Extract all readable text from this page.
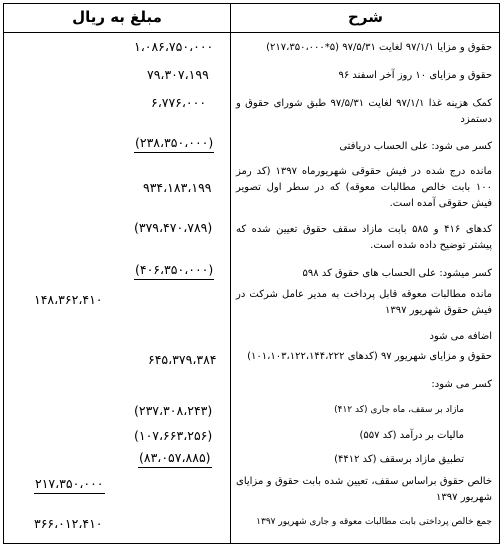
شرح
مبلغ به ریال
حقوق و مزایا ۹۷/۱/۱ لغایت ۹۷/۵/۳۱ (۵*۲۱۷،۳۵۰،۰۰۰)
حقوق و مزایای ۱۰ روز آخر اسفند ۹۶
کمک هزینه غذا ۹۷/۱/۱ لغایت ۹۷/۵/۳۱ طبق شورای حقوق و دستمزد
کسر می شود: علی الحساب دریافتی
مانده درج شده در فیش حقوقی شهریورماه ۱۳۹۷ (کد رمز ۱۰۰ بابت خالص مطالبات معوقه) که در سطر اول تصویر فیش حقوقی آمده است.
کدهای ۴۱۶ و ۵۸۵ بابت مازاد سقف حقوق تعیین شده که پیشتر توضیح داده شده است.
کسر میشود: علی الحساب های حقوق کد ۵۹۸
مانده مطالبات معوقه قابل پرداخت به مدیر عامل شرکت در فیش حقوق شهریور ۱۳۹۷
اضافه می شود
حقوق و مزایای شهریور ۹۷ (کدهای ۱۰۱،۱۰۳،۱۲۲،۱۴۴،۲۲۲)
کسر می شود:
مازاد بر سقف، ماه جاری (کد ۴۱۲)
مالیات بر درآمد (کد ۵۵۷)
تطبیق مازاد برسقف (کد ۴۴۱۲)
خالص حقوق براساس سقف، تعیین شده بابت حقوق و مزایای شهریور ۱۳۹۷
جمع خالص پرداختی بابت مطالبات معوقه و جاری شهریور ۱۳۹۷
۱،۰۸۶،۷۵۰،۰۰۰
۷۹،۳۰۷،۱۹۹
۶،۷۷۶،۰۰۰
(۲۳۸،۳۵۰،۰۰۰)
۹۳۴،۱۸۳،۱۹۹
(۳۷۹،۴۷۰،۷۸۹)
(۴۰۶،۳۵۰،۰۰۰)
۶۴۵،۳۷۹،۳۸۴
(۲۳۷،۳۰۸،۲۴۳)
(۱۰۷،۶۶۳،۲۵۶)
(۸۳،۰۵۷،۸۸۵)
۱۴۸،۳۶۲،۴۱۰
۲۱۷،۳۵۰،۰۰۰
۳۶۶،۰۱۲،۴۱۰
